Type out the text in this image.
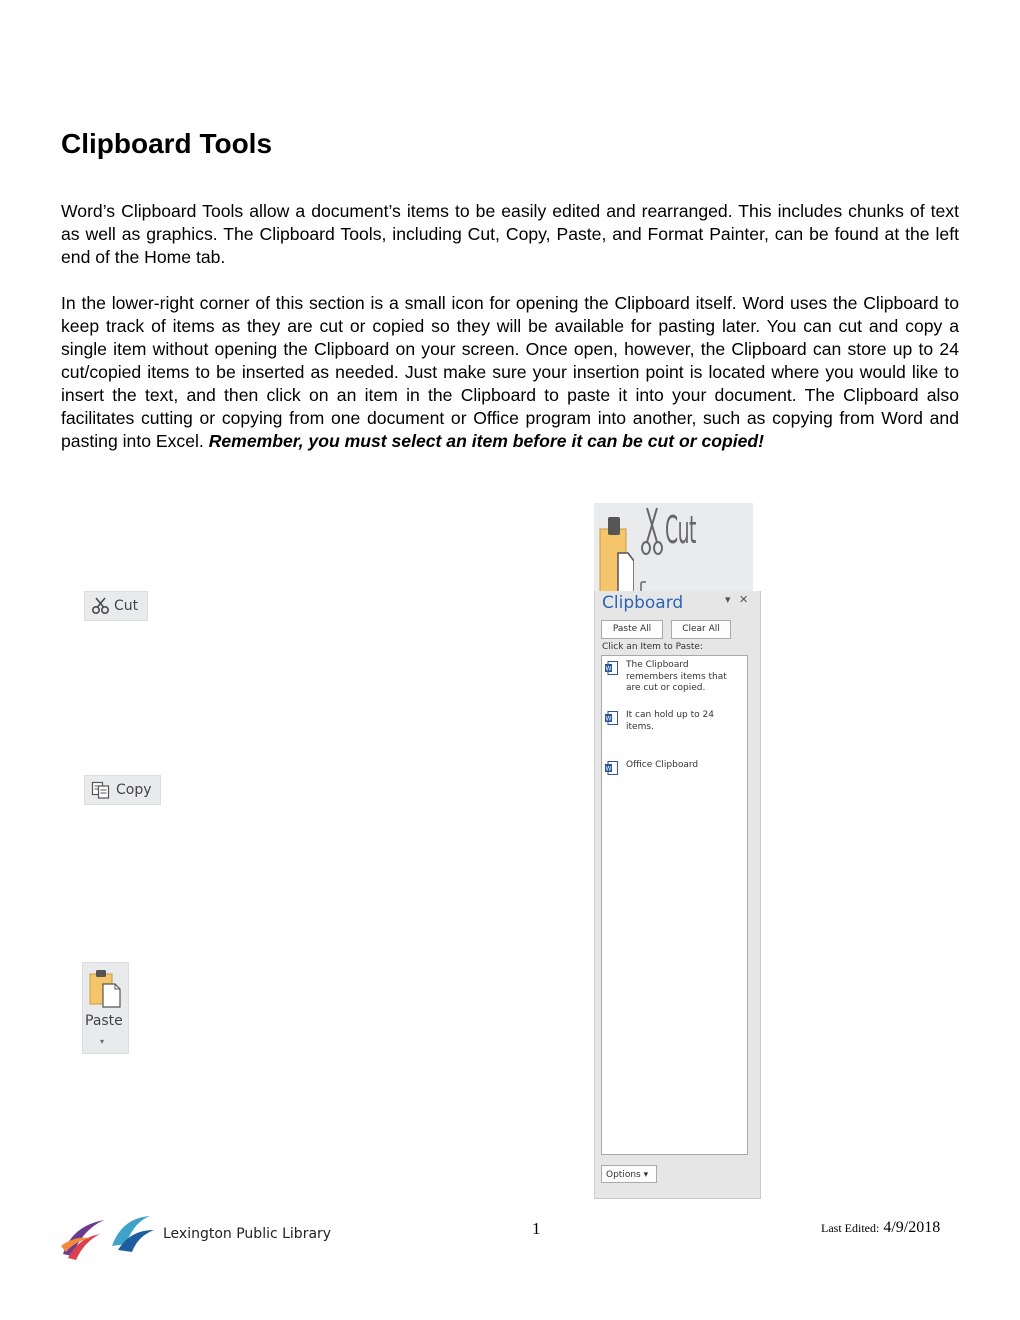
Clipboard Tools

Word’s Clipboard Tools allow a document’s items to be easily edited and rearranged. This includes chunks of text as well as graphics. The Clipboard Tools, including Cut, Copy, Paste, and Format Painter, can be found at the left end of the Home tab.

In the lower-right corner of this section is a small icon for opening the Clipboard itself. Word uses the Clipboard to keep track of items as they are cut or copied so they will be available for pasting later. You can cut and copy a single item without opening the Clipboard on your screen. Once open, however, the Clipboard can store up to 24 cut/copied items to be inserted as needed. Just make sure your insertion point is located where you would like to insert the text, and then click on an item in the Clipboard to paste it into your document. The Clipboard also facilitates cutting or copying from one document or Office program into another, such as copying from Word and pasting into Excel. Remember, you must select an item before it can be cut or copied!

Cut
Copy
Paste
▾
Cut
Clipboard	▾ ✕
Paste All	Clear All
Click an Item to Paste:
W The Clipboard remembers items that are cut or copied.
W It can hold up to 24 items.
W Office Clipboard
Options ▾
Lexington Public Library	1	Last Edited: 4/9/2018
